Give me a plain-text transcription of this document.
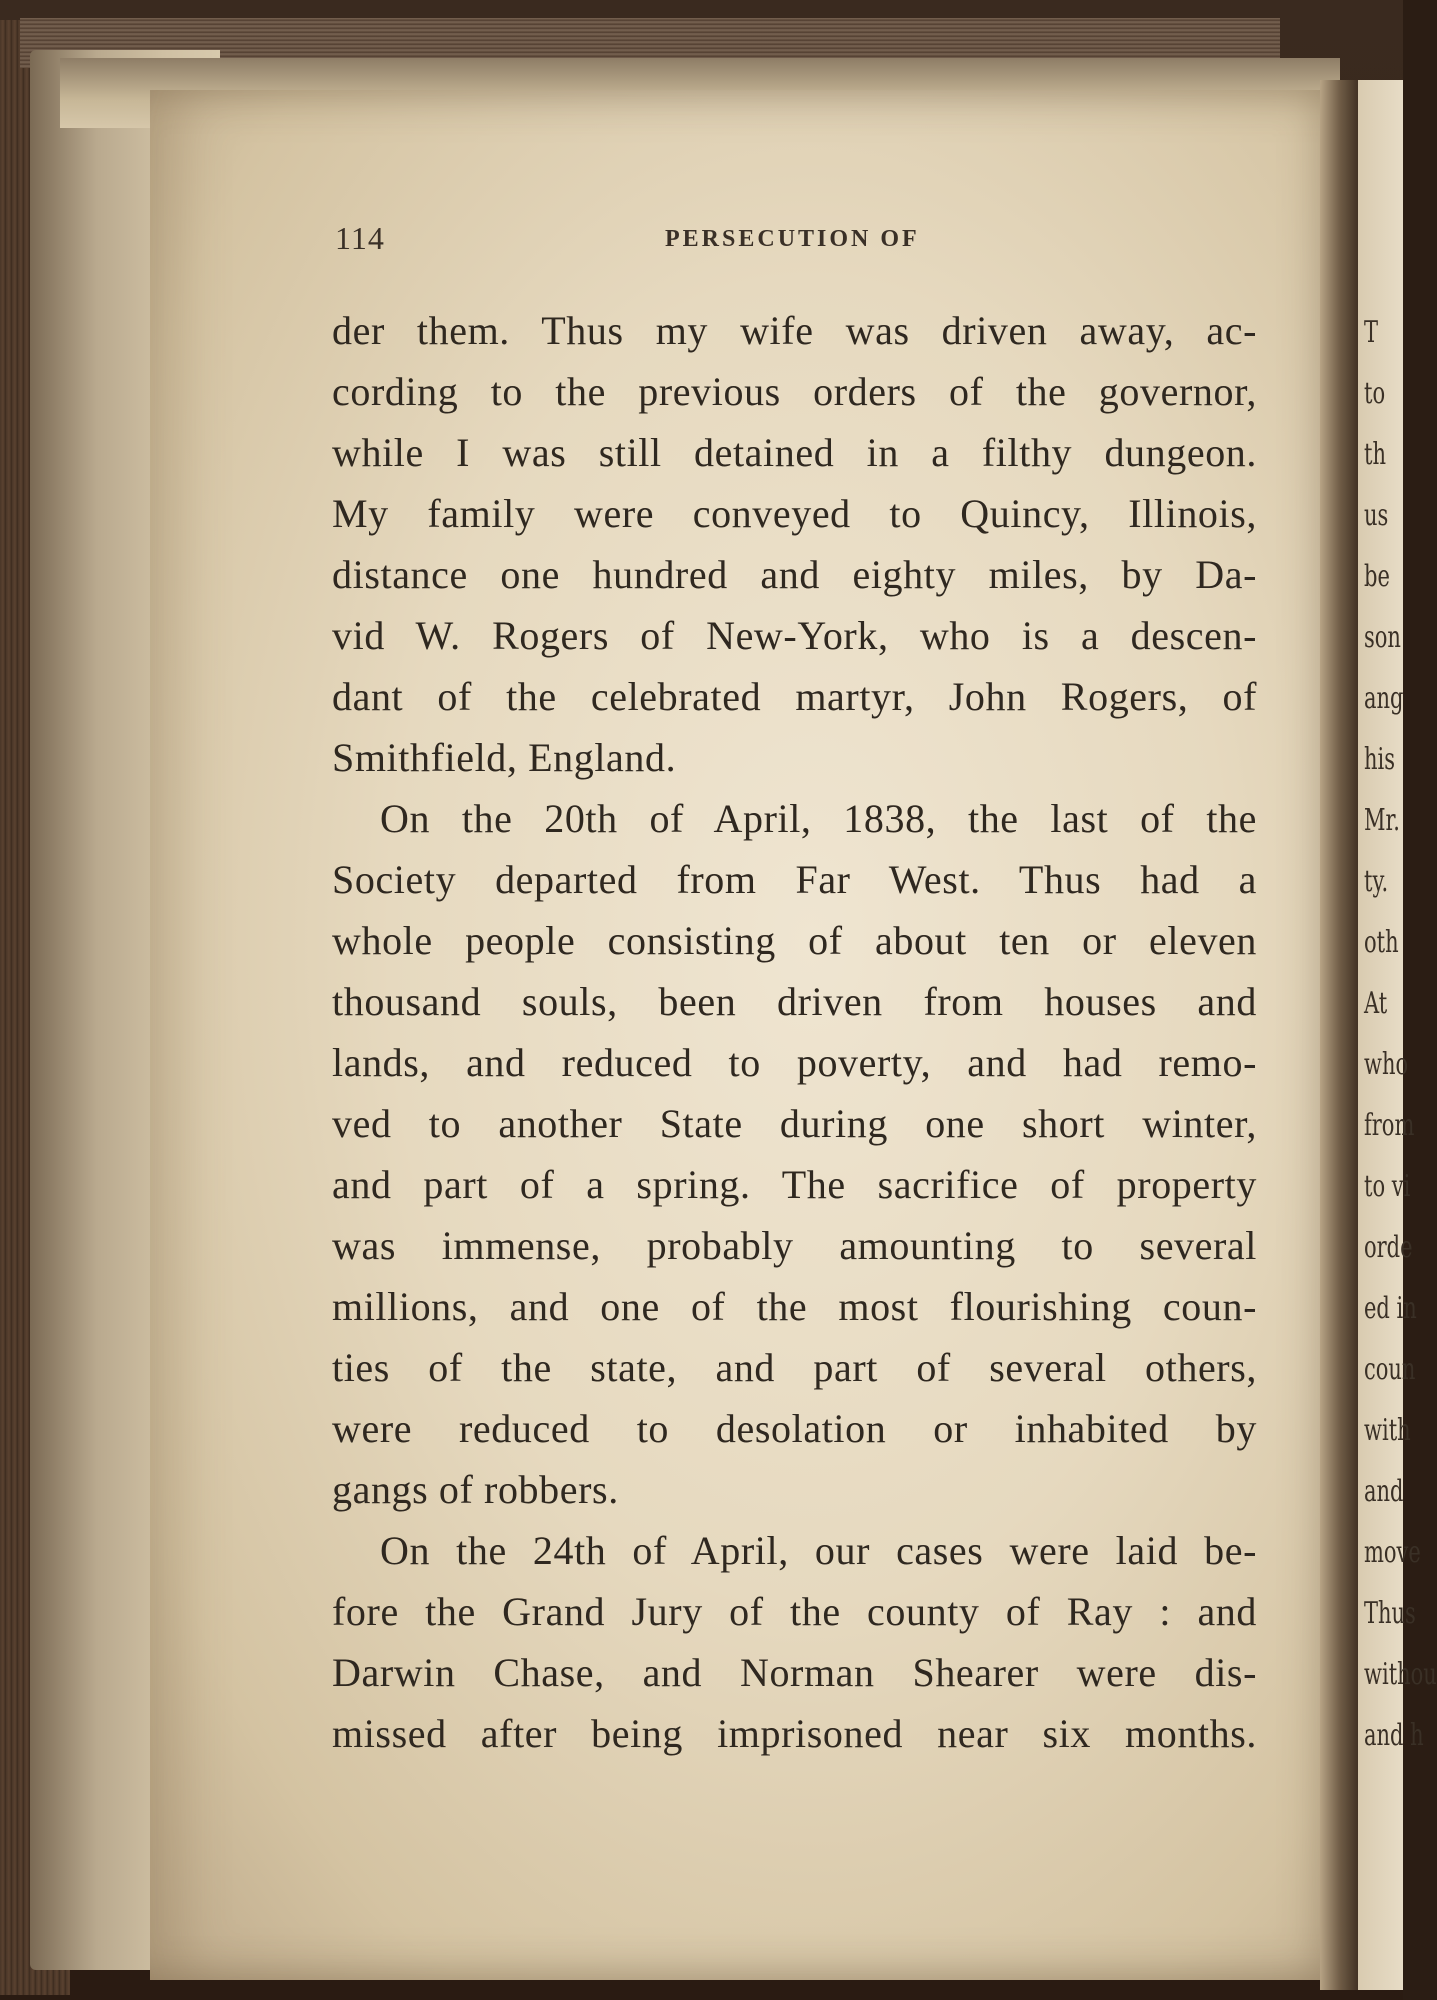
114	PERSECUTION OF
der them. Thus my wife was driven away, ac-
cording to the previous orders of the governor,
while I was still detained in a filthy dungeon.
My family were conveyed to Quincy, Illinois,
distance one hundred and eighty miles, by Da-
vid W. Rogers of New-York, who is a descen-
dant of the celebrated martyr, John Rogers, of
Smithfield, England.
On the 20th of April, 1838, the last of the
Society departed from Far West. Thus had a
whole people consisting of about ten or eleven
thousand souls, been driven from houses and
lands, and reduced to poverty, and had remo-
ved to another State during one short winter,
and part of a spring. The sacrifice of property
was immense, probably amounting to several
millions, and one of the most flourishing coun-
ties of the state, and part of several others,
were reduced to desolation or inhabited by
gangs of robbers.
On the 24th of April, our cases were laid be-
fore the Grand Jury of the county of Ray : and
Darwin Chase, and Norman Shearer were dis-
missed after being imprisoned near six months.
T
to
th
us
be
son
ang
his
Mr.
ty.
oth
At
who
from
to vi
orde
ed in
coun
with
and
move
Thus
withou
and h
